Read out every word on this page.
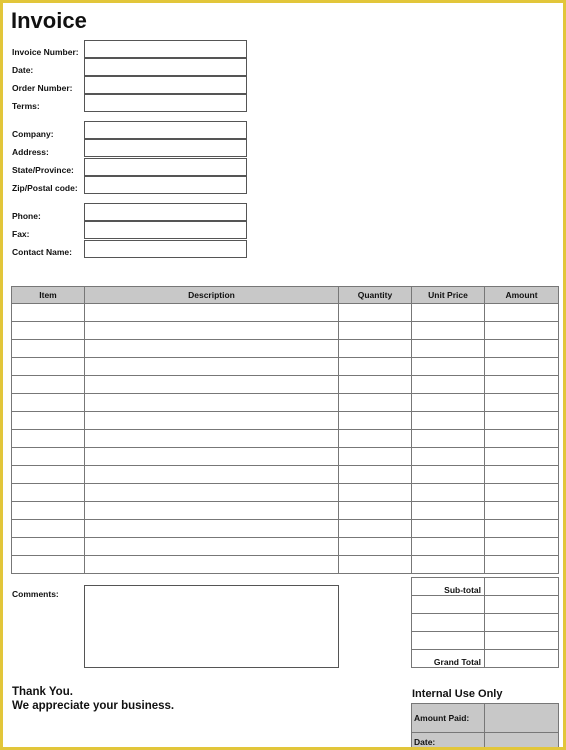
Invoice
Invoice Number:
Date:
Order Number:
Terms:
Company:
Address:
State/Province:
Zip/Postal code:
Phone:
Fax:
Contact Name:
Item	Description	Quantity	Unit Price	Amount

Comments:	Sub-total	

Grand Total	
Thank You.
We appreciate your business.
Internal Use Only
Amount Paid:	
Date:	
